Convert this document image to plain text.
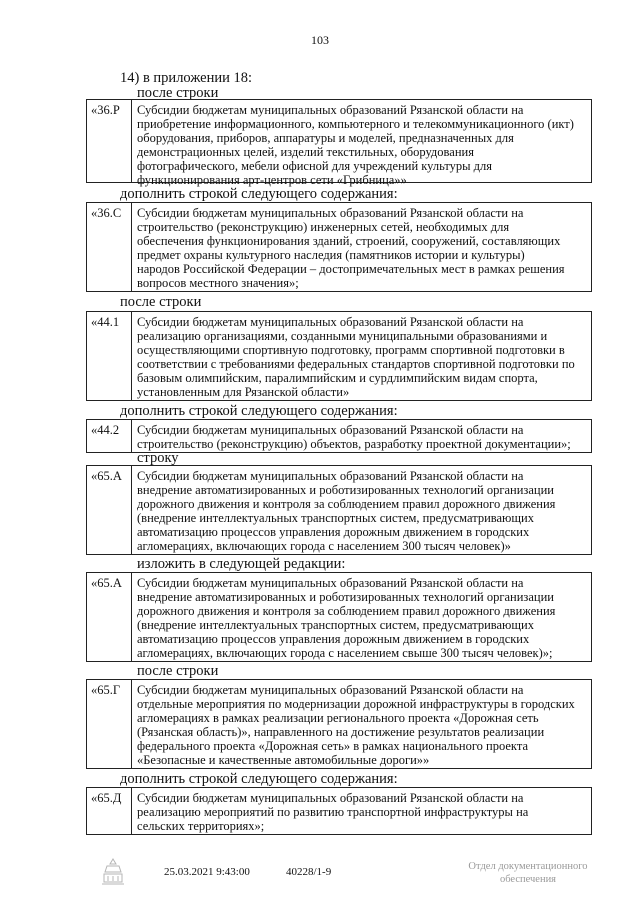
103
14) в приложении 18:
после строки
«36.Р	Субсидии бюджетам муниципальных образований Рязанской области на
приобретение информационного, компьютерного и телекоммуникационного (икт)
оборудования, приборов, аппаратуры и моделей, предназначенных для
демонстрационных целей, изделий текстильных, оборудования
фотографического, мебели офисной для учреждений культуры для
функционирования арт-центров сети «Грибница»»
дополнить строкой следующего содержания:
«36.С	Субсидии бюджетам муниципальных образований Рязанской области на
строительство (реконструкцию) инженерных сетей, необходимых для
обеспечения функционирования зданий, строений, сооружений, составляющих
предмет охраны культурного наследия (памятников истории и культуры)
народов Российской Федерации – достопримечательных мест в рамках решения
вопросов местного значения»;
после строки
«44.1	Субсидии бюджетам муниципальных образований Рязанской области на
реализацию организациями, созданными муниципальными образованиями и
осуществляющими спортивную подготовку, программ спортивной подготовки в
соответствии с требованиями федеральных стандартов спортивной подготовки по
базовым олимпийским, паралимпийским и сурдлимпийским видам спорта,
установленным для Рязанской области»
дополнить строкой следующего содержания:
«44.2	Субсидии бюджетам муниципальных образований Рязанской области на
строительство (реконструкцию) объектов, разработку проектной документации»;
строку
«65.А	Субсидии бюджетам муниципальных образований Рязанской области на
внедрение автоматизированных и роботизированных технологий организации
дорожного движения и контроля за соблюдением правил дорожного движения
(внедрение интеллектуальных транспортных систем, предусматривающих
автоматизацию процессов управления дорожным движением в городских
агломерациях, включающих города с населением 300 тысяч человек)»
изложить в следующей редакции:
«65.А	Субсидии бюджетам муниципальных образований Рязанской области на
внедрение автоматизированных и роботизированных технологий организации
дорожного движения и контроля за соблюдением правил дорожного движения
(внедрение интеллектуальных транспортных систем, предусматривающих
автоматизацию процессов управления дорожным движением в городских
агломерациях, включающих города с населением свыше 300 тысяч человек)»;
после строки
«65.Г	Субсидии бюджетам муниципальных образований Рязанской области на
отдельные мероприятия по модернизации дорожной инфраструктуры в городских
агломерациях в рамках реализации регионального проекта «Дорожная сеть
(Рязанская область)», направленного на достижение результатов реализации
федерального проекта «Дорожная сеть» в рамках национального проекта
«Безопасные и качественные автомобильные дороги»»
дополнить строкой следующего содержания:
«65.Д	Субсидии бюджетам муниципальных образований Рязанской области на
реализацию мероприятий по развитию транспортной инфраструктуры на
сельских территориях»;
25.03.2021 9:43:00	40228/1-9	Отдел документационного
обеспечения
